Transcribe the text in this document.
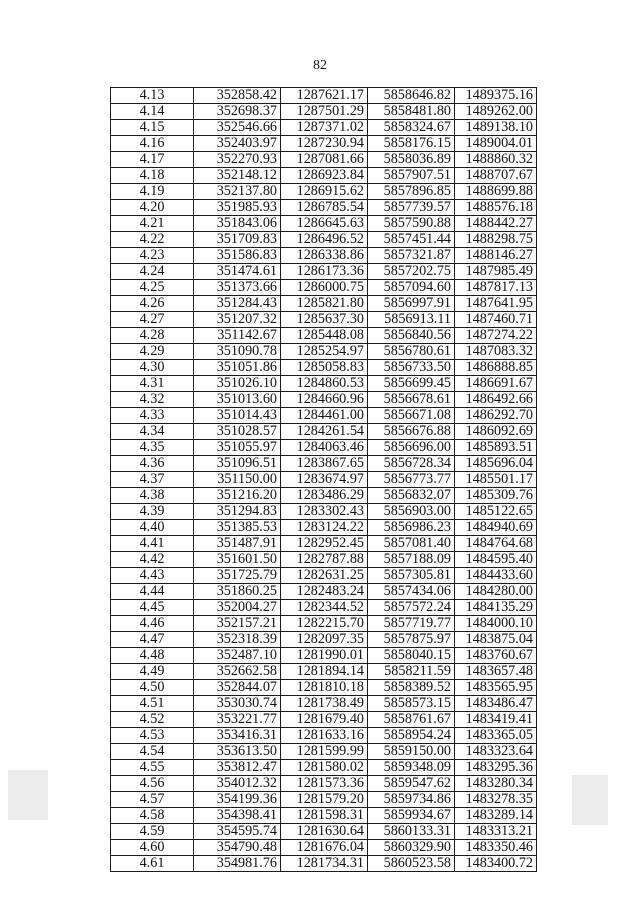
82
4.13	352858.42	1287621.17	5858646.82	1489375.16
4.14	352698.37	1287501.29	5858481.80	1489262.00
4.15	352546.66	1287371.02	5858324.67	1489138.10
4.16	352403.97	1287230.94	5858176.15	1489004.01
4.17	352270.93	1287081.66	5858036.89	1488860.32
4.18	352148.12	1286923.84	5857907.51	1488707.67
4.19	352137.80	1286915.62	5857896.85	1488699.88
4.20	351985.93	1286785.54	5857739.57	1488576.18
4.21	351843.06	1286645.63	5857590.88	1488442.27
4.22	351709.83	1286496.52	5857451.44	1488298.75
4.23	351586.83	1286338.86	5857321.87	1488146.27
4.24	351474.61	1286173.36	5857202.75	1487985.49
4.25	351373.66	1286000.75	5857094.60	1487817.13
4.26	351284.43	1285821.80	5856997.91	1487641.95
4.27	351207.32	1285637.30	5856913.11	1487460.71
4.28	351142.67	1285448.08	5856840.56	1487274.22
4.29	351090.78	1285254.97	5856780.61	1487083.32
4.30	351051.86	1285058.83	5856733.50	1486888.85
4.31	351026.10	1284860.53	5856699.45	1486691.67
4.32	351013.60	1284660.96	5856678.61	1486492.66
4.33	351014.43	1284461.00	5856671.08	1486292.70
4.34	351028.57	1284261.54	5856676.88	1486092.69
4.35	351055.97	1284063.46	5856696.00	1485893.51
4.36	351096.51	1283867.65	5856728.34	1485696.04
4.37	351150.00	1283674.97	5856773.77	1485501.17
4.38	351216.20	1283486.29	5856832.07	1485309.76
4.39	351294.83	1283302.43	5856903.00	1485122.65
4.40	351385.53	1283124.22	5856986.23	1484940.69
4.41	351487.91	1282952.45	5857081.40	1484764.68
4.42	351601.50	1282787.88	5857188.09	1484595.40
4.43	351725.79	1282631.25	5857305.81	1484433.60
4.44	351860.25	1282483.24	5857434.06	1484280.00
4.45	352004.27	1282344.52	5857572.24	1484135.29
4.46	352157.21	1282215.70	5857719.77	1484000.10
4.47	352318.39	1282097.35	5857875.97	1483875.04
4.48	352487.10	1281990.01	5858040.15	1483760.67
4.49	352662.58	1281894.14	5858211.59	1483657.48
4.50	352844.07	1281810.18	5858389.52	1483565.95
4.51	353030.74	1281738.49	5858573.15	1483486.47
4.52	353221.77	1281679.40	5858761.67	1483419.41
4.53	353416.31	1281633.16	5858954.24	1483365.05
4.54	353613.50	1281599.99	5859150.00	1483323.64
4.55	353812.47	1281580.02	5859348.09	1483295.36
4.56	354012.32	1281573.36	5859547.62	1483280.34
4.57	354199.36	1281579.20	5859734.86	1483278.35
4.58	354398.41	1281598.31	5859934.67	1483289.14
4.59	354595.74	1281630.64	5860133.31	1483313.21
4.60	354790.48	1281676.04	5860329.90	1483350.46
4.61	354981.76	1281734.31	5860523.58	1483400.72
